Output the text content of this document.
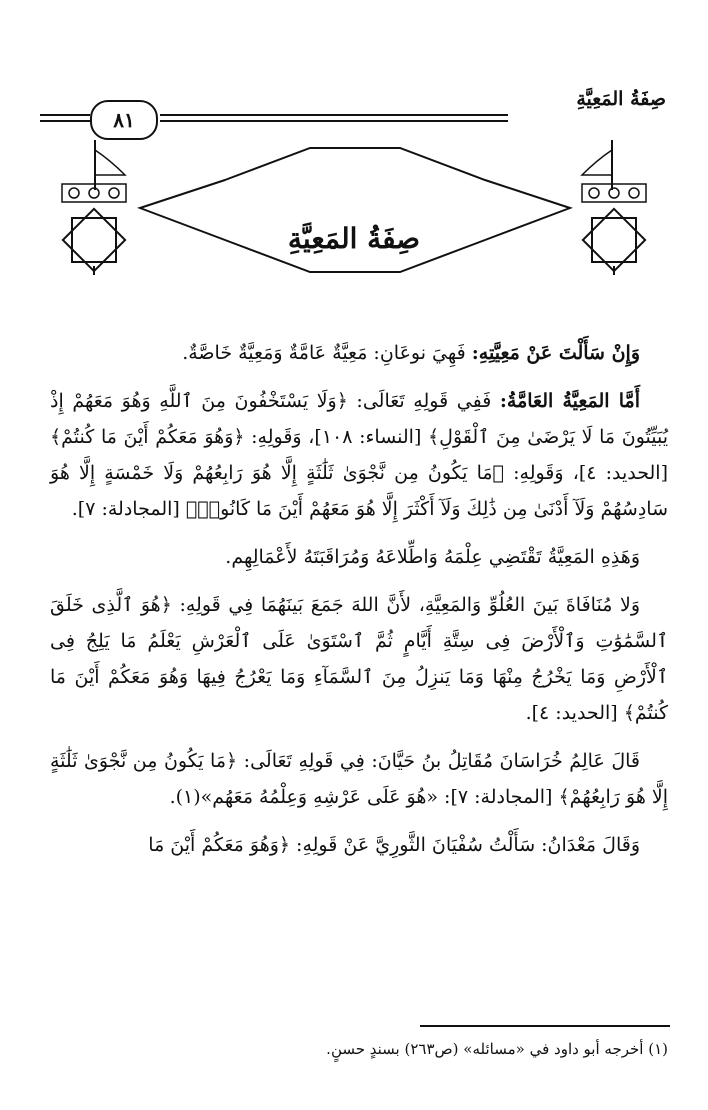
صِفَةُ المَعِيَّةِ
٨١
صِفَةُ المَعِيَّةِ

وَإِنْ سَأَلْتَ عَنْ مَعِيَّتِهِ: فَهِيَ نوعَانِ: مَعِيَّةٌ عَامَّةٌ وَمَعِيَّةٌ خَاصَّةٌ.

أَمَّا المَعِيَّةُ العَامَّةُ: فَفِي قَولِهِ تَعَالَى: ﴿وَلَا يَسْتَخْفُونَ مِنَ ٱللَّهِ وَهُوَ مَعَهُمْ إِذْ يُبَيِّتُونَ مَا لَا يَرْضَىٰ مِنَ ٱلْقَوْلِ﴾ [النساء: ١٠٨]، وَقَولِهِ: ﴿وَهُوَ مَعَكُمْ أَيْنَ مَا كُنتُمْ﴾ [الحديد: ٤]، وَقَولِهِ: ﴿مَا يَكُونُ مِن نَّجْوَىٰ ثَلَٰثَةٍ إِلَّا هُوَ رَابِعُهُمْ وَلَا خَمْسَةٍ إِلَّا هُوَ سَادِسُهُمْ وَلَآ أَدْنَىٰ مِن ذَٰلِكَ وَلَآ أَكْثَرَ إِلَّا هُوَ مَعَهُمْ أَيْنَ مَا كَانُوا۟﴾ [المجادلة: ٧].

وَهَذِهِ المَعِيَّةُ تَقْتَضِي عِلْمَهُ وَاطِّلاعَهُ وَمُرَاقَبَتَهُ لأَعْمَالِهِم.

وَلا مُنَافَاةَ بَينَ العُلُوِّ وَالمَعِيَّةِ، لأَنَّ اللهَ جَمَعَ بَينَهُمَا فِي قَولِهِ: ﴿هُوَ ٱلَّذِى خَلَقَ ٱلسَّمَٰوَٰتِ وَٱلْأَرْضَ فِى سِتَّةِ أَيَّامٍ ثُمَّ ٱسْتَوَىٰ عَلَى ٱلْعَرْشِ يَعْلَمُ مَا يَلِجُ فِى ٱلْأَرْضِ وَمَا يَخْرُجُ مِنْهَا وَمَا يَنزِلُ مِنَ ٱلسَّمَآءِ وَمَا يَعْرُجُ فِيهَا وَهُوَ مَعَكُمْ أَيْنَ مَا كُنتُمْ﴾ [الحديد: ٤].

قَالَ عَالِمُ خُرَاسَانَ مُقَاتِلُ بنُ حَيَّانَ: فِي قَولِهِ تَعَالَى: ﴿مَا يَكُونُ مِن نَّجْوَىٰ ثَلَٰثَةٍ إِلَّا هُوَ رَابِعُهُمْ﴾ [المجادلة: ٧]: «هُوَ عَلَى عَرْشِهِ وَعِلْمُهُ مَعَهُم»(١).

وَقَالَ مَعْدَانُ: سَأَلْتُ سُفْيَانَ الثَّورِيَّ عَنْ قَولِهِ: ﴿وَهُوَ مَعَكُمْ أَيْنَ مَا

(١) أخرجه أبو داود في «مسائله» (ص٢٦٣) بسندٍ حسنٍ.
